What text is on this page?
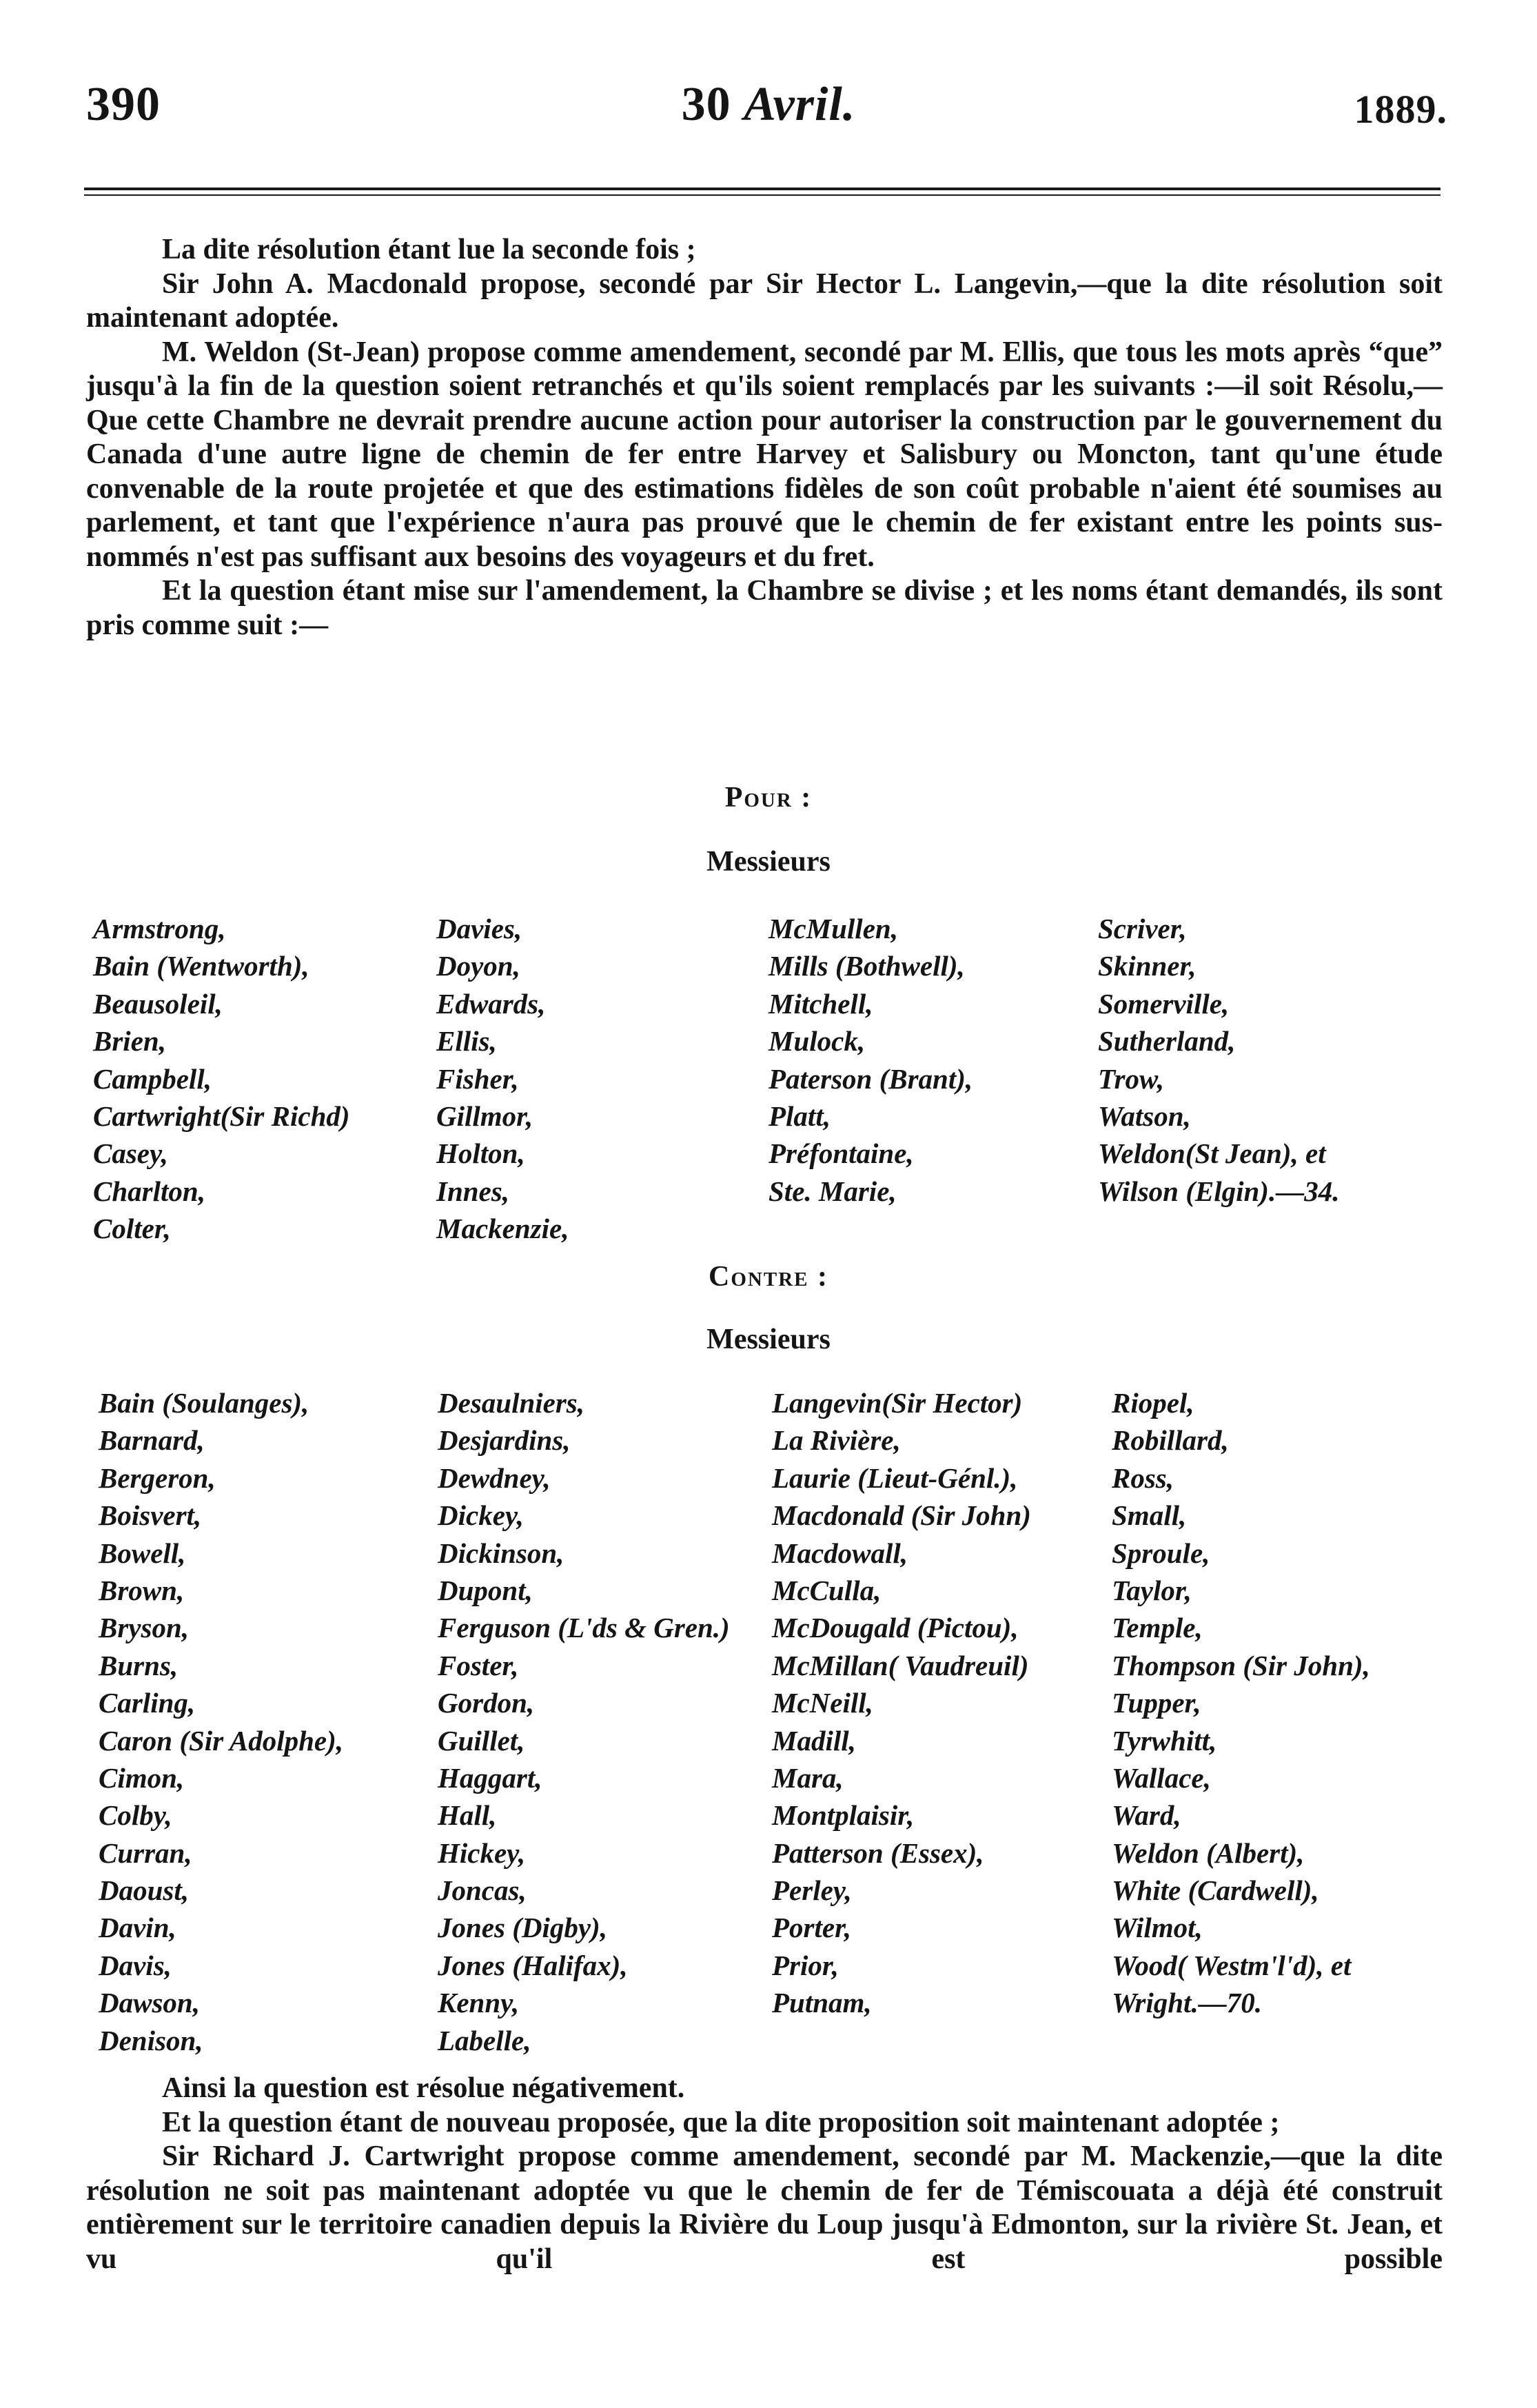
390	30 Avril.	1889.

La dite résolution étant lue la seconde fois ;

Sir John A. Macdonald propose, secondé par Sir Hector L. Langevin,—que la dite résolution soit maintenant adoptée.

M. Weldon (St-Jean) propose comme amendement, secondé par M. Ellis, que tous les mots après “que” jusqu'à la fin de la question soient retranchés et qu'ils soient remplacés par les suivants :—il soit Résolu,—Que cette Chambre ne devrait prendre aucune action pour autoriser la construction par le gouvernement du Canada d'une autre ligne de chemin de fer entre Harvey et Salisbury ou Moncton, tant qu'une étude convenable de la route projetée et que des estimations fidèles de son coût probable n'aient été soumises au parlement, et tant que l'expérience n'aura pas prouvé que le chemin de fer existant entre les points sus-nommés n'est pas suffisant aux besoins des voyageurs et du fret.

Et la question étant mise sur l'amendement, la Chambre se divise ; et les noms étant demandés, ils sont pris comme suit :—

Pour :
Messieurs
Armstrong,
Bain (Wentworth),
Beausoleil,
Brien,
Campbell,
Cartwright(Sir Richd)
Casey,
Charlton,
Colter,
Davies,
Doyon,
Edwards,
Ellis,
Fisher,
Gillmor,
Holton,
Innes,
Mackenzie,
McMullen,
Mills (Bothwell),
Mitchell,
Mulock,
Paterson (Brant),
Platt,
Préfontaine,
Ste. Marie,
Scriver,
Skinner,
Somerville,
Sutherland,
Trow,
Watson,
Weldon(St Jean), et
Wilson (Elgin).—34.
Contre :
Messieurs
Bain (Soulanges),
Barnard,
Bergeron,
Boisvert,
Bowell,
Brown,
Bryson,
Burns,
Carling,
Caron (Sir Adolphe),
Cimon,
Colby,
Curran,
Daoust,
Davin,
Davis,
Dawson,
Denison,
Desaulniers,
Desjardins,
Dewdney,
Dickey,
Dickinson,
Dupont,
Ferguson (L'ds & Gren.)
Foster,
Gordon,
Guillet,
Haggart,
Hall,
Hickey,
Joncas,
Jones (Digby),
Jones (Halifax),
Kenny,
Labelle,
Langevin(Sir Hector)
La Rivière,
Laurie (Lieut-Génl.),
Macdonald (Sir John)
Macdowall,
McCulla,
McDougald (Pictou),
McMillan( Vaudreuil)
McNeill,
Madill,
Mara,
Montplaisir,
Patterson (Essex),
Perley,
Porter,
Prior,
Putnam,
Riopel,
Robillard,
Ross,
Small,
Sproule,
Taylor,
Temple,
Thompson (Sir John),
Tupper,
Tyrwhitt,
Wallace,
Ward,
Weldon (Albert),
White (Cardwell),
Wilmot,
Wood( Westm'l'd), et
Wright.—70.

Ainsi la question est résolue négativement.

Et la question étant de nouveau proposée, que la dite proposition soit maintenant adoptée ;

Sir Richard J. Cartwright propose comme amendement, secondé par M. Mackenzie,—que la dite résolution ne soit pas maintenant adoptée vu que le chemin de fer de Témiscouata a déjà été construit entièrement sur le territoire canadien depuis la Rivière du Loup jusqu'à Edmonton, sur la rivière St. Jean, et vu qu'il est possible
